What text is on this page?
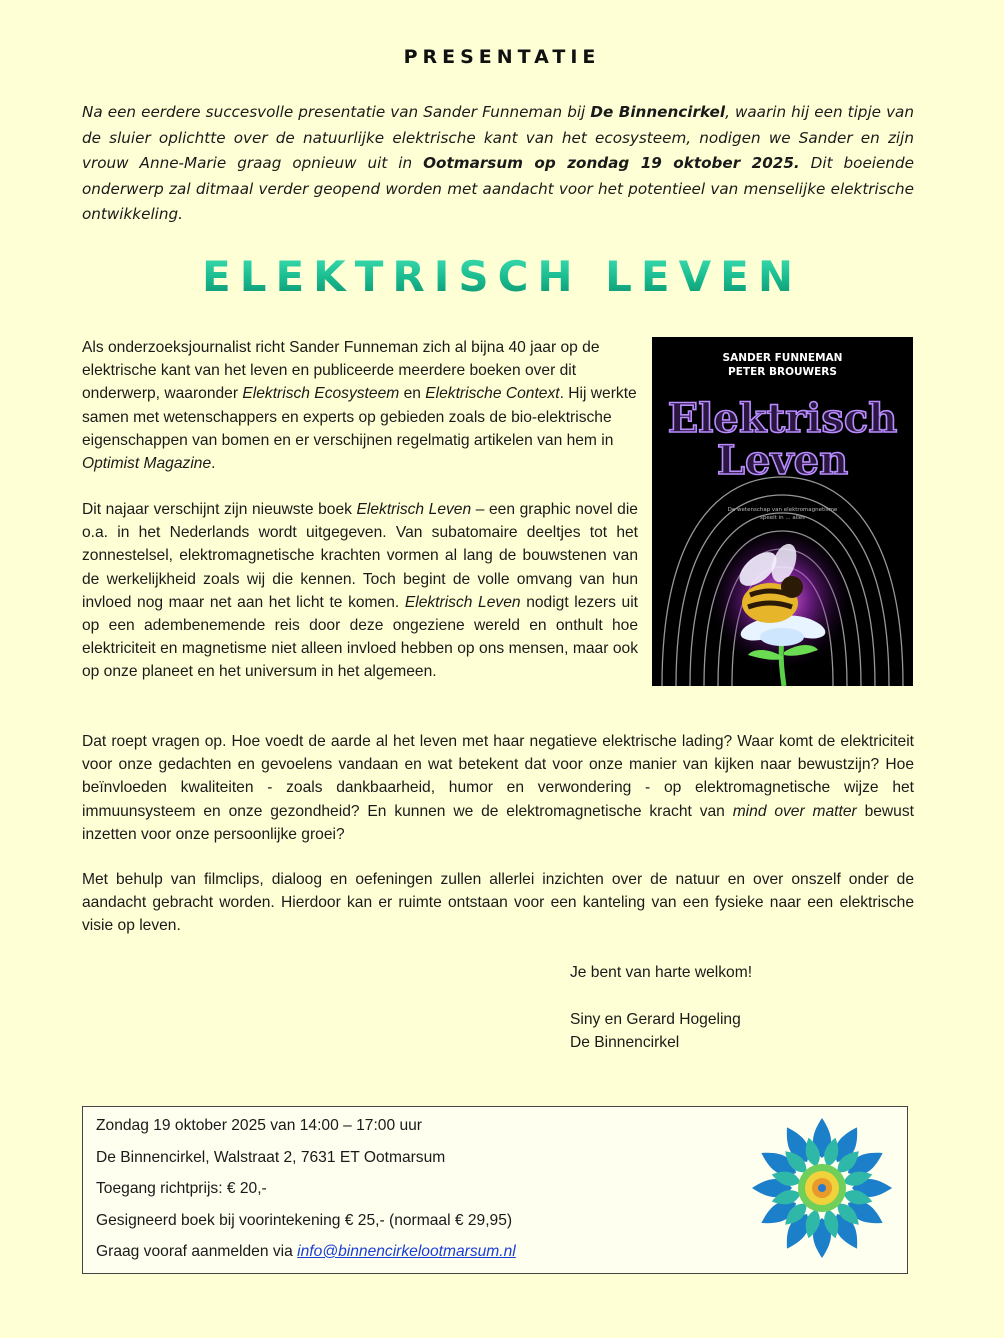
PRESENTATIE
Na een eerdere succesvolle presentatie van Sander Funneman bij De Binnencirkel, waarin hij een tipje van de sluier oplichtte over de natuurlijke elektrische kant van het ecosysteem, nodigen we Sander en zijn vrouw Anne-Marie graag opnieuw uit in Ootmarsum op zondag 19 oktober 2025. Dit boeiende onderwerp zal ditmaal verder geopend worden met aandacht voor het potentieel van menselijke elektrische ontwikkeling.
ELEKTRISCH LEVEN
Als onderzoeksjournalist richt Sander Funneman zich al bijna 40 jaar op de elektrische kant van het leven en publiceerde meerdere boeken over dit onderwerp, waaronder Elektrisch Ecosysteem en Elektrische Context. Hij werkte samen met wetenschappers en experts op gebieden zoals de bio-elektrische eigenschappen van bomen en er verschijnen regelmatig artikelen van hem in Optimist Magazine.
Dit najaar verschijnt zijn nieuwste boek Elektrisch Leven – een graphic novel die o.a. in het Nederlands wordt uitgegeven. Van subatomaire deeltjes tot het zonnestelsel, elektromagnetische krachten vormen al lang de bouwstenen van de werkelijkheid zoals wij die kennen. Toch begint de volle omvang van hun invloed nog maar net aan het licht te komen. Elektrisch Leven nodigt lezers uit op een adembenemende reis door deze ongeziene wereld en onthult hoe elektriciteit en magnetisme niet alleen invloed hebben op ons mensen, maar ook op onze planeet en het universum in het algemeen.
SANDER FUNNEMAN
PETER BROUWERS
Elektrisch
Leven
De wetenschap van elektromagnetisme
speelt in ... alles
Dat roept vragen op. Hoe voedt de aarde al het leven met haar negatieve elektrische lading? Waar komt de elektriciteit voor onze gedachten en gevoelens vandaan en wat betekent dat voor onze manier van kijken naar bewustzijn? Hoe beïnvloeden kwaliteiten - zoals dankbaarheid, humor en verwondering - op elektromagnetische wijze het immuunsysteem en onze gezondheid? En kunnen we de elektromagnetische kracht van mind over matter bewust inzetten voor onze persoonlijke groei?
Met behulp van filmclips, dialoog en oefeningen zullen allerlei inzichten over de natuur en over onszelf onder de aandacht gebracht worden. Hierdoor kan er ruimte ontstaan voor een kanteling van een fysieke naar een elektrische visie op leven.
Je bent van harte welkom!
Siny en Gerard Hogeling
De Binnencirkel
Zondag 19 oktober 2025 van 14:00 – 17:00 uur
De Binnencirkel, Walstraat 2, 7631 ET Ootmarsum
Toegang richtprijs: € 20,-
Gesigneerd boek bij voorintekening € 25,- (normaal € 29,95)
Graag vooraf aanmelden via info@binnencirkelootmarsum.nl
